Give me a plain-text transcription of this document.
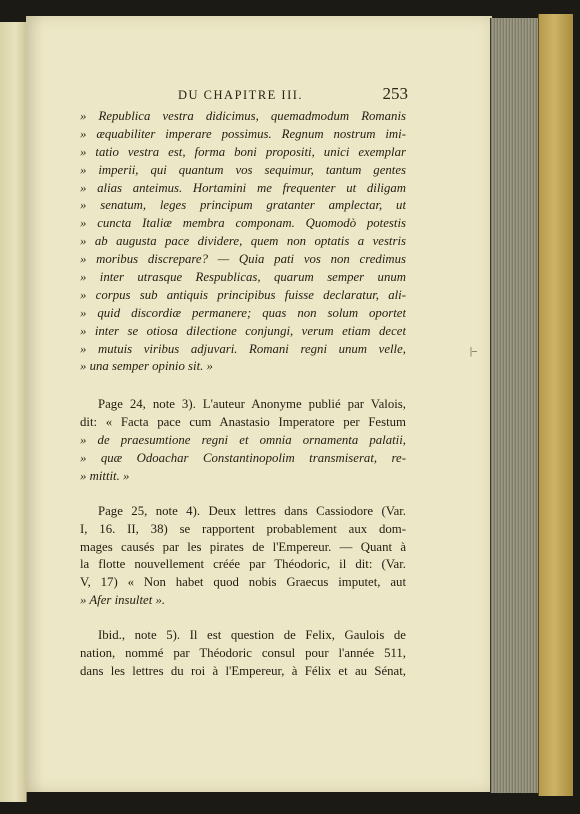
DU CHAPITRE III.	253
» Republica vestra didicimus, quemadmodum Romanis
» æquabiliter imperare possimus. Regnum nostrum imi-
» tatio vestra est, forma boni propositi, unici exemplar
» imperii, qui quantum vos sequimur, tantum gentes
» alias anteimus. Hortamini me frequenter ut diligam
» senatum, leges principum gratanter amplectar, ut
» cuncta Italiæ membra componam. Quomodò potestis
» ab augusta pace dividere, quem non optatis a vestris
» moribus discrepare? — Quia pati vos non credimus
» inter utrasque Respublicas, quarum semper unum
» corpus sub antiquis principibus fuisse declaratur, ali-
» quid discordiæ permanere; quas non solum oportet
» inter se otiosa dilectione conjungi, verum etiam decet
» mutuis viribus adjuvari. Romani regni unum velle,
» una semper opinio sit. »
Page 24, note 3). L'auteur Anonyme publié par Valois,
dit: « Facta pace cum Anastasio Imperatore per Festum
» de praesumtione regni et omnia ornamenta palatii,
» quæ Odoachar Constantinopolim transmiserat, re-
» mittit. »
Page 25, note 4). Deux lettres dans Cassiodore (Var.
I, 16. II, 38) se rapportent probablement aux dom-
mages causés par les pirates de l'Empereur. — Quant à
la flotte nouvellement créée par Théodoric, il dit: (Var.
V, 17) « Non habet quod nobis Graecus imputet, aut
» Afer insultet ».
Ibid., note 5). Il est question de Felix, Gaulois de
nation, nommé par Théodoric consul pour l'année 511,
dans les lettres du roi à l'Empereur, à Félix et au Sénat,
|–
